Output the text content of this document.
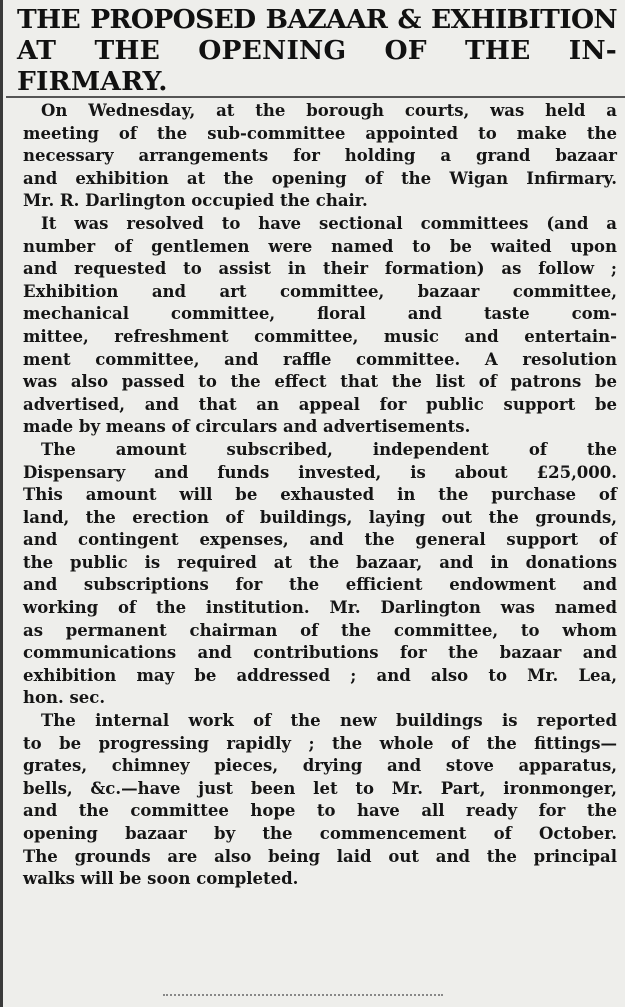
THE PROPOSED BAZAAR & EXHIBITION
AT THE OPENING OF THE IN-
FIRMARY.
On Wednesday, at the borough courts, was held a
meeting of the sub-committee appointed to make the
necessary arrangements for holding a grand bazaar
and exhibition at the opening of the Wigan Infirmary.
Mr. R. Darlington occupied the chair.
It was resolved to have sectional committees (and a
number of gentlemen were named to be waited upon
and requested to assist in their formation) as follow ;
Exhibition and art committee, bazaar committee,
mechanical committee, floral and taste com-
mittee, refreshment committee, music and entertain-
ment committee, and raffle committee. A resolution
was also passed to the effect that the list of patrons be
advertised, and that an appeal for public support be
made by means of circulars and advertisements.
The amount subscribed, independent of the
Dispensary and funds invested, is about £25,000.
This amount will be exhausted in the purchase of
land, the erection of buildings, laying out the grounds,
and contingent expenses, and the general support of
the public is required at the bazaar, and in donations
and subscriptions for the efficient endowment and
working of the institution. Mr. Darlington was named
as permanent chairman of the committee, to whom
communications and contributions for the bazaar and
exhibition may be addressed ; and also to Mr. Lea,
hon. sec.
The internal work of the new buildings is reported
to be progressing rapidly ; the whole of the fittings—
grates, chimney pieces, drying and stove apparatus,
bells, &c.—have just been let to Mr. Part, ironmonger,
and the committee hope to have all ready for the
opening bazaar by the commencement of October.
The grounds are also being laid out and the principal
walks will be soon completed.
